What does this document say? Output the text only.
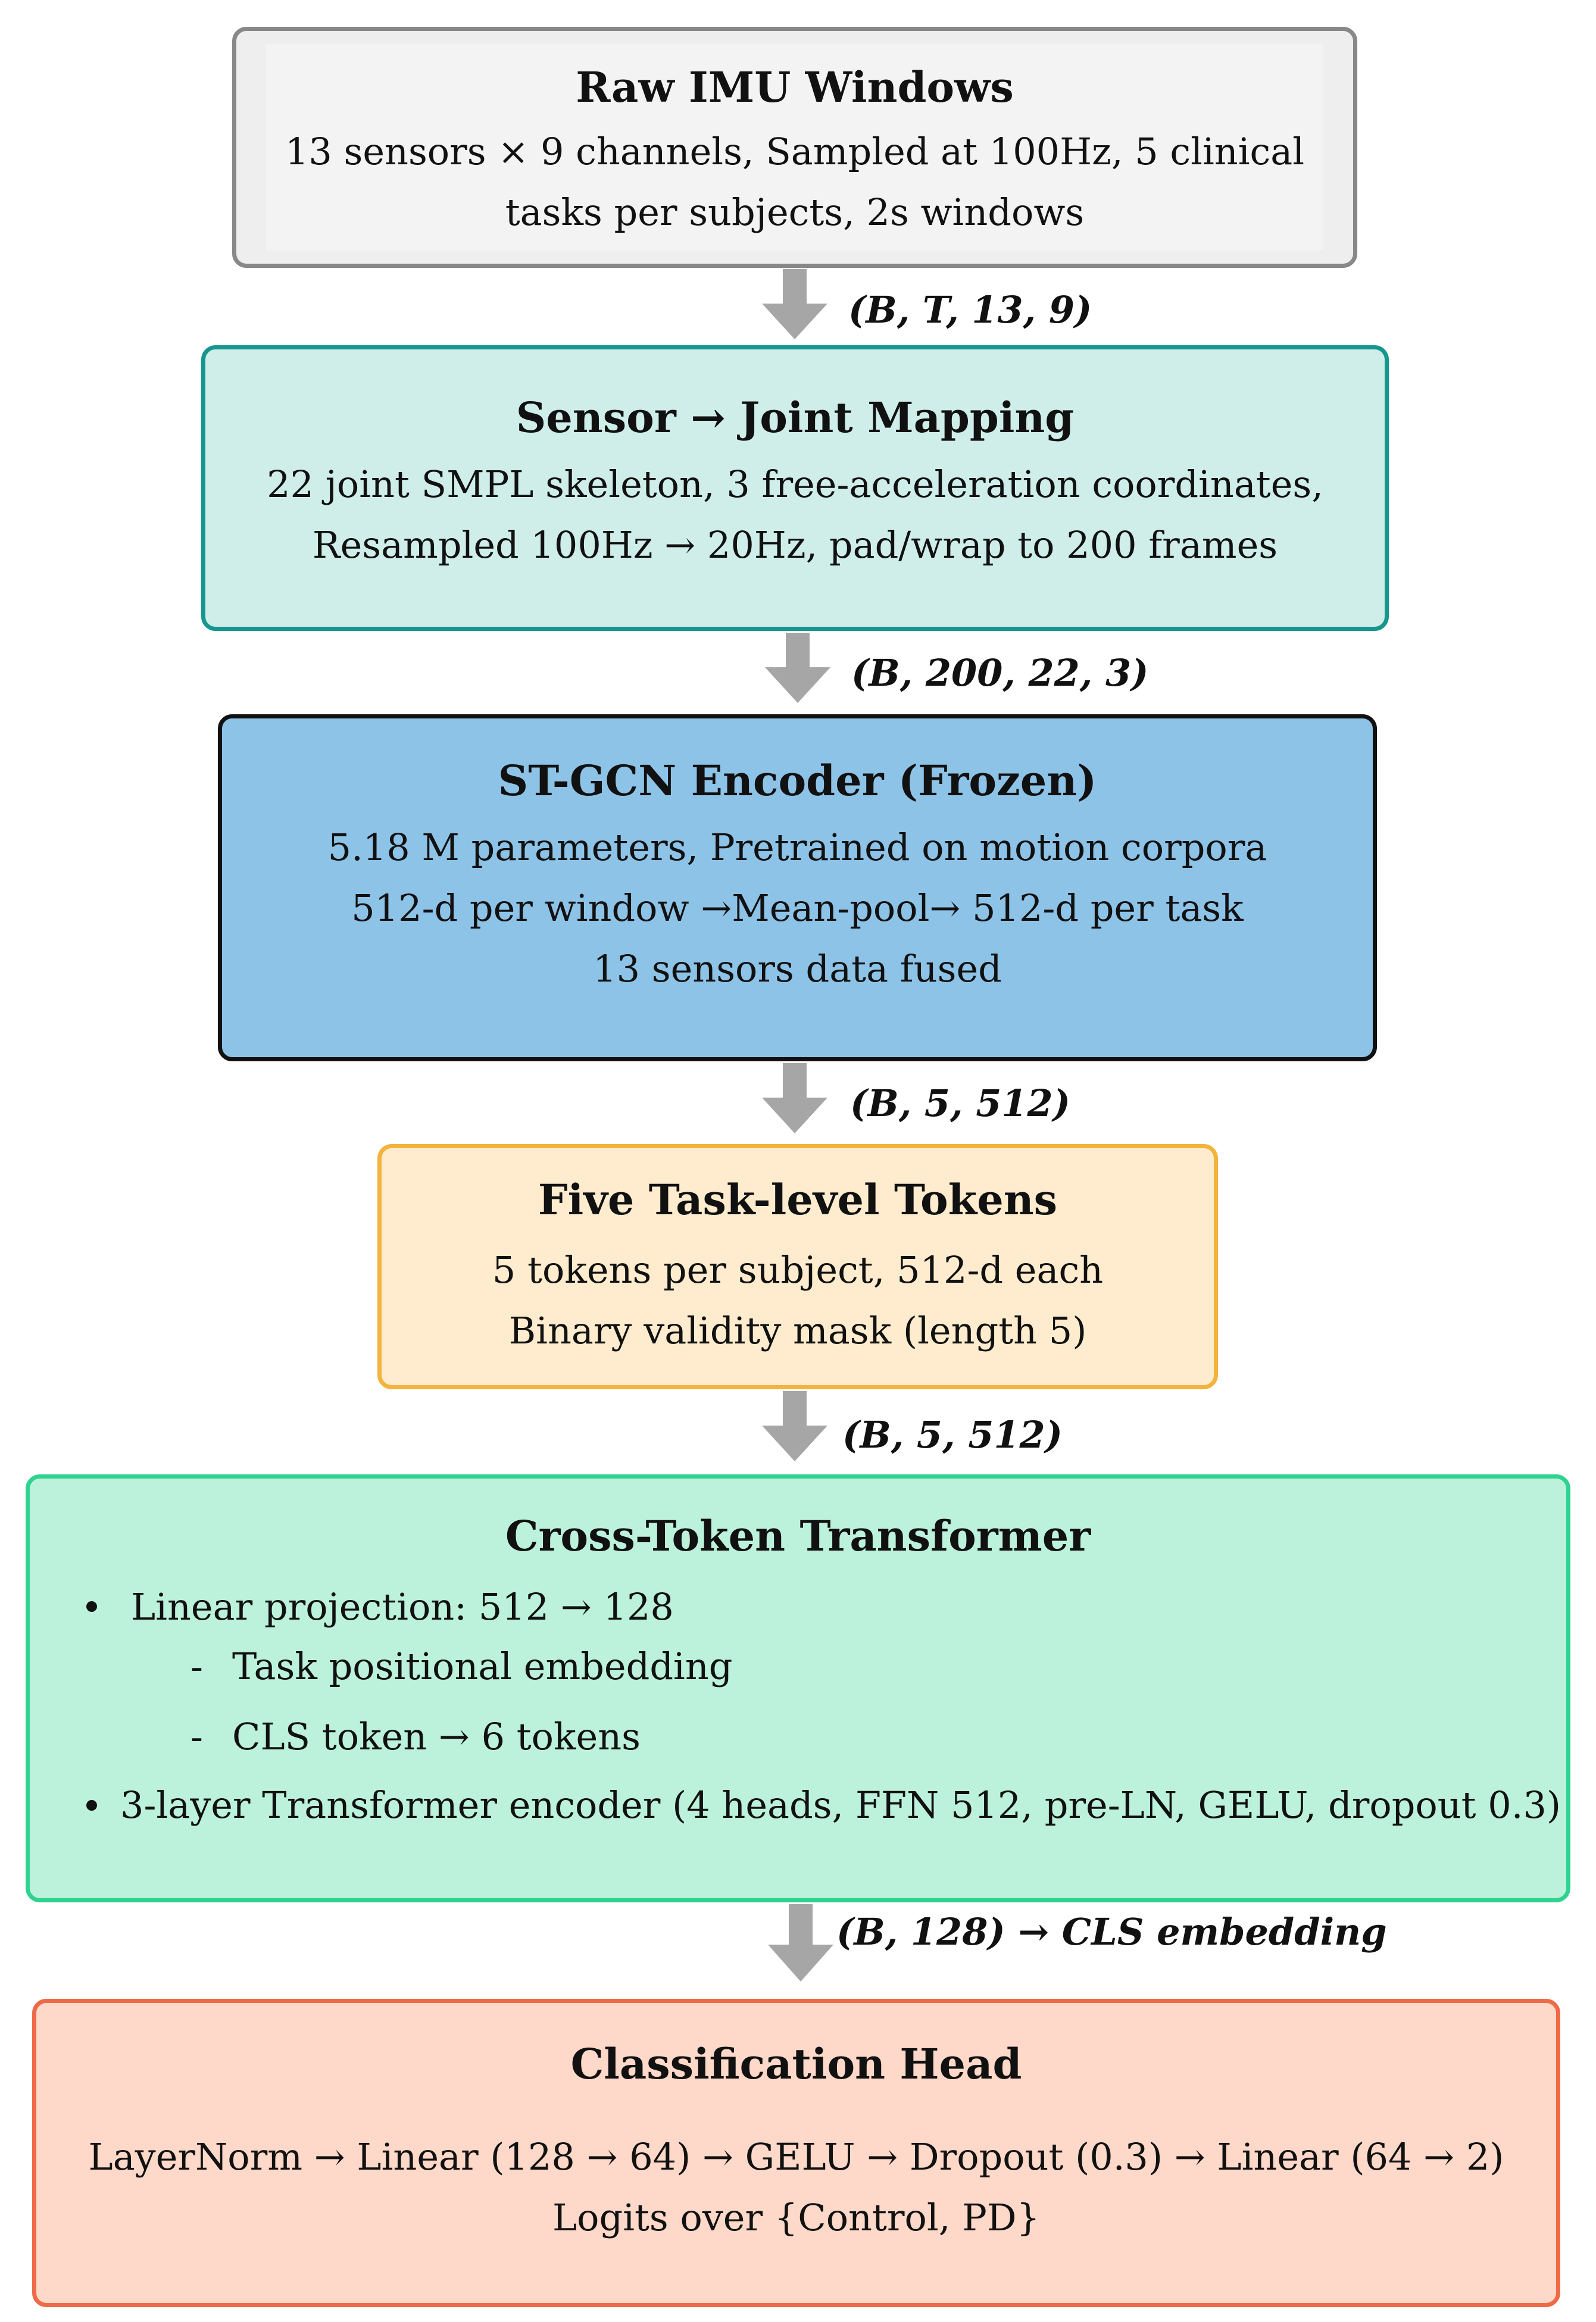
Raw IMU Windows
13 sensors × 9 channels, Sampled at 100Hz, 5 clinical
tasks per subjects, 2s windows
(B, T, 13, 9)
Sensor → Joint Mapping
22 joint SMPL skeleton, 3 free-acceleration coordinates,
Resampled 100Hz → 20Hz, pad/wrap to 200 frames
(B, 200, 22, 3)
ST-GCN Encoder (Frozen)
5.18 M parameters, Pretrained on motion corpora
512-d per window →Mean-pool→ 512-d per task
13 sensors data fused
(B, 5, 512)
Five Task-level Tokens
5 tokens per subject, 512-d each
Binary validity mask (length 5)
(B, 5, 512)
Cross-Token Transformer
Linear projection: 512 → 128
- Task positional embedding
- CLS token → 6 tokens
3-layer Transformer encoder (4 heads, FFN 512, pre-LN, GELU, dropout 0.3)
(B, 128) → CLS embedding
Classification Head
LayerNorm → Linear (128 → 64) → GELU → Dropout (0.3) → Linear (64 → 2)
Logits over {Control, PD}
